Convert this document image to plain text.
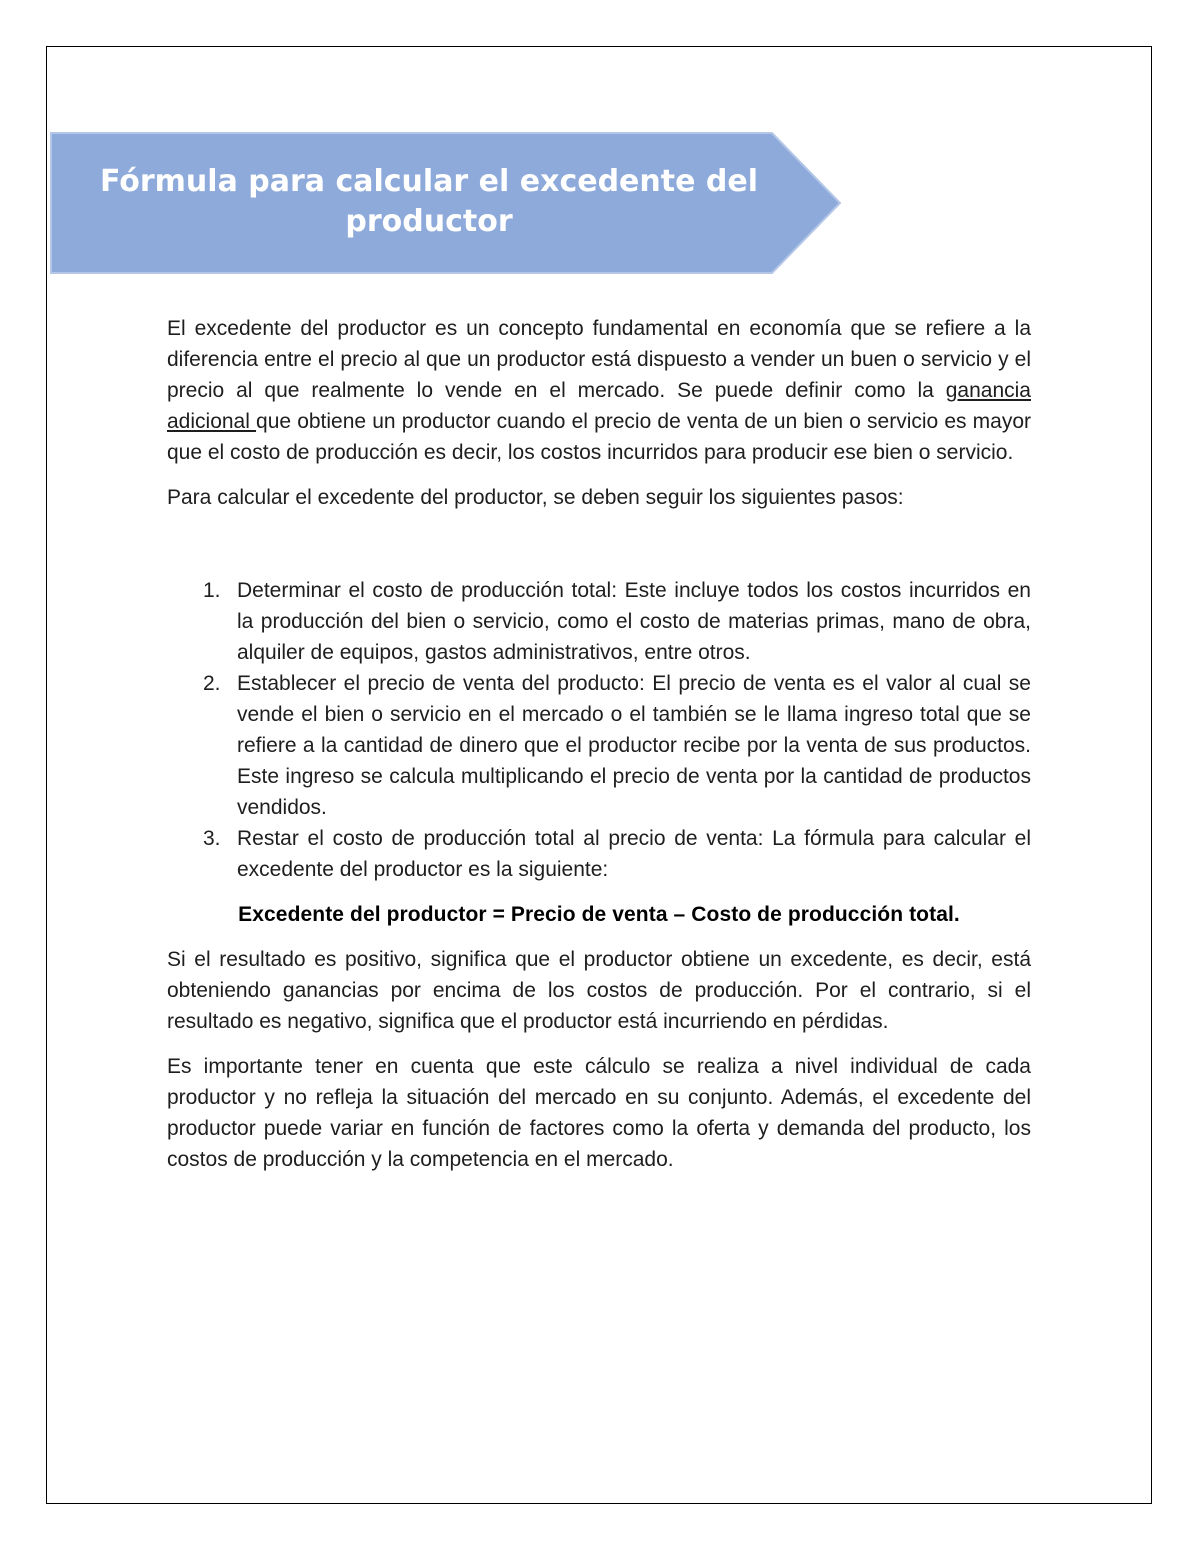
Fórmula para calcular el excedente del productor

El excedente del productor es un concepto fundamental en economía que se refiere a la diferencia entre el precio al que un productor está dispuesto a vender un buen o servicio y el precio al que realmente lo vende en el mercado. Se puede definir como la ganancia adicional que obtiene un productor cuando el precio de venta de un bien o servicio es mayor que el costo de producción es decir, los costos incurridos para producir ese bien o servicio.

Para calcular el excedente del productor, se deben seguir los siguientes pasos:

1. Determinar el costo de producción total: Este incluye todos los costos incurridos en la producción del bien o servicio, como el costo de materias primas, mano de obra, alquiler de equipos, gastos administrativos, entre otros.
2. Establecer el precio de venta del producto: El precio de venta es el valor al cual se vende el bien o servicio en el mercado o el también se le llama ingreso total que se refiere a la cantidad de dinero que el productor recibe por la venta de sus productos. Este ingreso se calcula multiplicando el precio de venta por la cantidad de productos vendidos.
3. Restar el costo de producción total al precio de venta: La fórmula para calcular el excedente del productor es la siguiente:

Excedente del productor = Precio de venta – Costo de producción total.

Si el resultado es positivo, significa que el productor obtiene un excedente, es decir, está obteniendo ganancias por encima de los costos de producción. Por el contrario, si el resultado es negativo, significa que el productor está incurriendo en pérdidas.

Es importante tener en cuenta que este cálculo se realiza a nivel individual de cada productor y no refleja la situación del mercado en su conjunto. Además, el excedente del productor puede variar en función de factores como la oferta y demanda del producto, los costos de producción y la competencia en el mercado.
